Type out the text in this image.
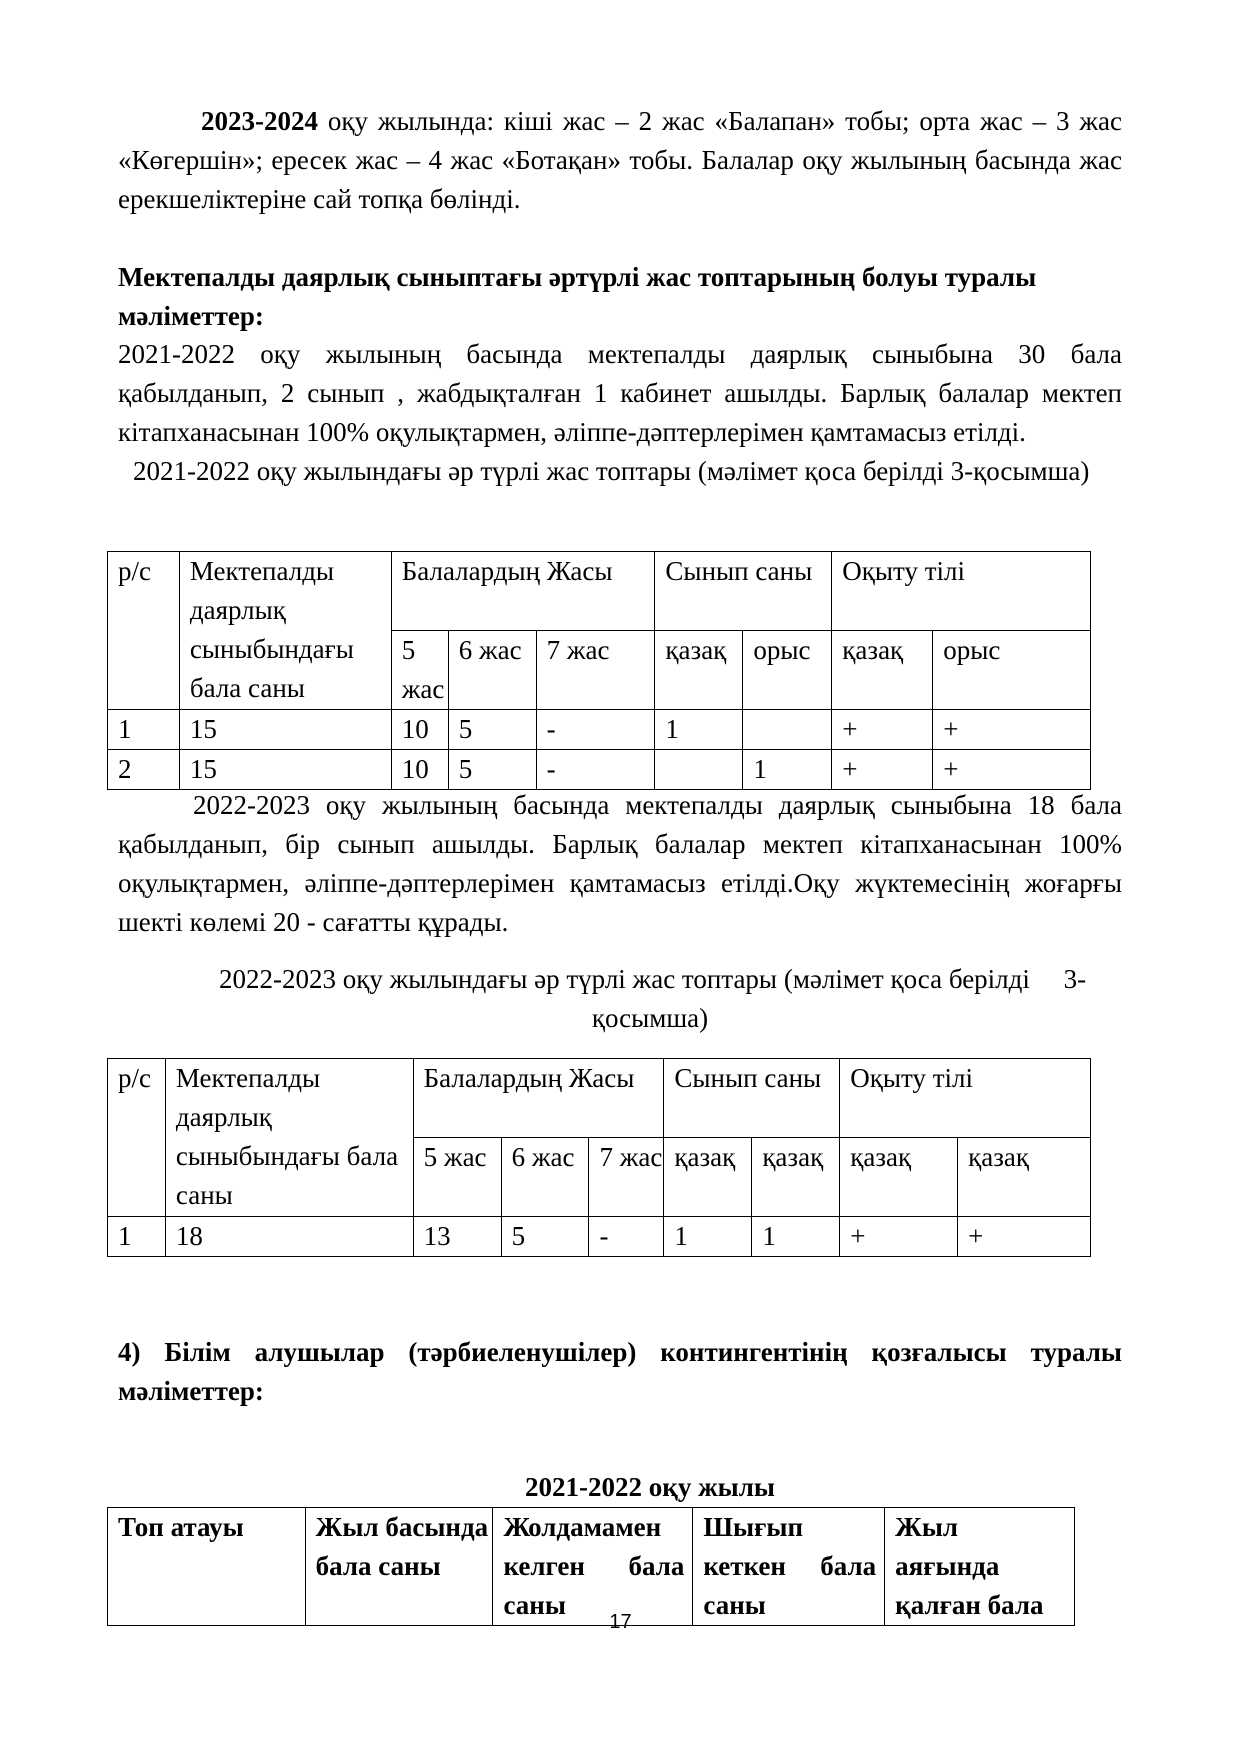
2023-2024 оқу жылында: кіші жас – 2 жас «Балапан» тобы; орта жас – 3 жас «Көгершін»; ересек жас – 4 жас «Ботақан» тобы. Балалар оқу жылының басында жас ерекшеліктеріне сай топқа бөлінді.
Мектепалды даярлық сыныптағы әртүрлі жас топтарының болуы туралы мәліметтер:
2021-2022 оқу жылының басында мектепалды даярлық сыныбына 30 бала
қабылданып, 2 сынып , жабдықталған 1 кабинет ашылды. Барлық балалар мектеп
кітапханасынан 100% оқулықтармен, әліппе-дәптерлерімен қамтамасыз етілді.
2021-2022 оқу жылындағы әр түрлі жас топтары (мәлімет қоса берілді 3-қосымша)
р/с	Мектепалды даярлық сыныбындағы бала саны	Балалардың Жасы			Сынып саны		Оқыту тілі	
		5 жас	6 жас	7 жас	қазақ	орыс	қазақ	орыс
1	15	10	5	-	1		+	+
2	15	10	5	-		1	+	+
2022-2023 оқу жылының басында мектепалды даярлық сыныбына 18 бала
қабылданып, бір сынып ашылды. Барлық балалар мектеп кітапханасынан 100%
оқулықтармен, әліппе-дәптерлерімен қамтамасыз етілді.Оқу жүктемесінің жоғарғы
шекті көлемі 20 - сағатты құрады.
2022-2023 оқу жылындағы әр түрлі жас топтары (мәлімет қоса берілді     3-
қосымша)
р/с	Мектепалды даярлық сыныбындағы бала саны	Балалардың Жасы			Сынып саны		Оқыту тілі	
		5 жас	6 жас	7 жас	қазақ	қазақ	қазақ	қазақ
1	18	13	5	-	1	1	+	+
4) Білім алушылар (тәрбиеленушілер) контингентінің қозғалысы туралы мәліметтер:
2021-2022 оқу жылы
Топ атауы	Жыл басында бала саны	Жолдамамен келген бала саны	Шығып кеткен бала саны	Жыл аяғында қалған бала
17
